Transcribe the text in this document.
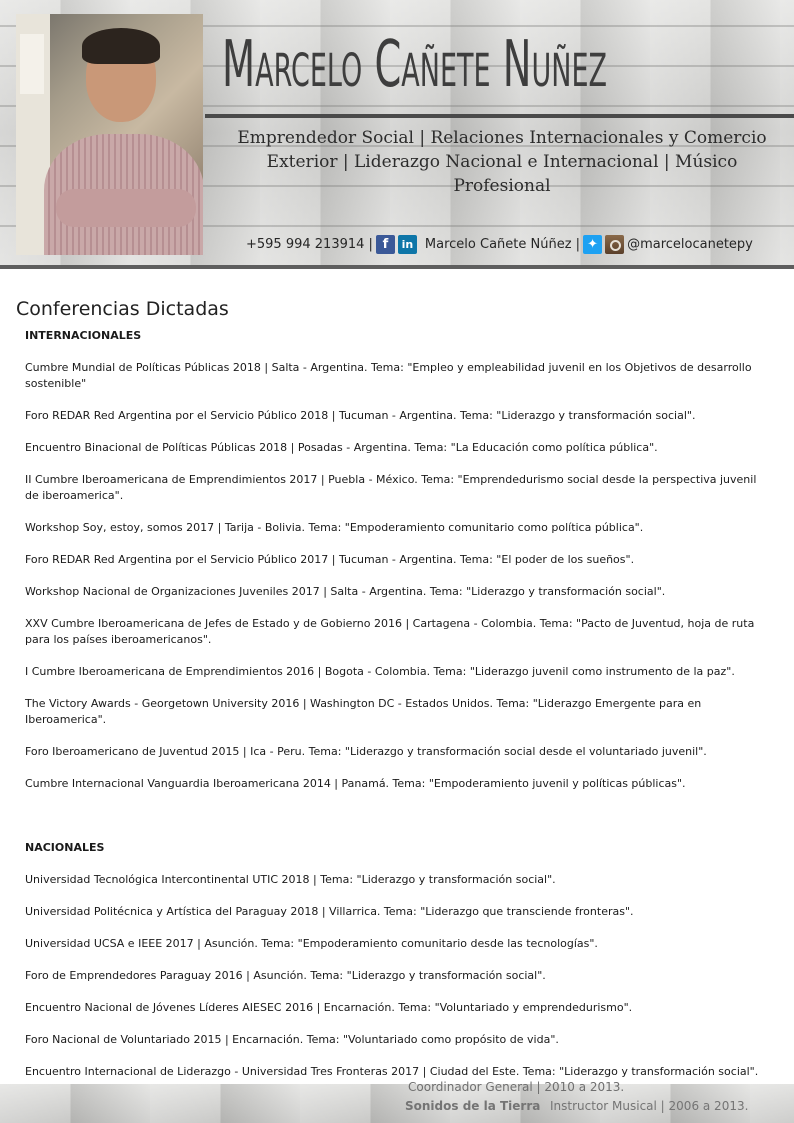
Marcelo Cañete Nuñez
Emprendedor Social | Relaciones Internacionales y Comercio Exterior | Liderazgo Nacional e Internacional | Músico Profesional
+595 994 213914 | f	in Marcelo Cañete Núñez | ✦	@marcelocanetepy
Conferencias Dictadas
INTERNACIONALES
Cumbre Mundial de Políticas Públicas 2018 | Salta - Argentina. Tema: "Empleo y empleabilidad juvenil en los Objetivos de desarrollo sostenible"
Foro REDAR Red Argentina por el Servicio Público 2018 | Tucuman - Argentina. Tema: "Liderazgo y transformación social".
Encuentro Binacional de Políticas Públicas 2018 | Posadas - Argentina. Tema: "La Educación como política pública".
II Cumbre Iberoamericana de Emprendimientos 2017 | Puebla - México. Tema: "Emprendedurismo social desde la perspectiva juvenil de iberoamerica".
Workshop Soy, estoy, somos 2017 | Tarija - Bolivia. Tema: "Empoderamiento comunitario como política pública".
Foro REDAR Red Argentina por el Servicio Público 2017 | Tucuman - Argentina. Tema: "El poder de los sueños".
Workshop Nacional de Organizaciones Juveniles 2017 | Salta - Argentina. Tema: "Liderazgo y transformación social".
XXV Cumbre Iberoamericana de Jefes de Estado y de Gobierno 2016 | Cartagena - Colombia. Tema: "Pacto de Juventud, hoja de ruta para los países iberoamericanos".
I Cumbre Iberoamericana de Emprendimientos 2016 | Bogota - Colombia. Tema: "Liderazgo juvenil como instrumento de la paz".
The Victory Awards - Georgetown University 2016 | Washington DC - Estados Unidos. Tema: "Liderazgo Emergente para en Iberoamerica".
Foro Iberoamericano de Juventud 2015 | Ica - Peru. Tema: "Liderazgo y transformación social desde el voluntariado juvenil".
Cumbre Internacional Vanguardia Iberoamericana 2014 | Panamá. Tema: "Empoderamiento juvenil y políticas públicas".
NACIONALES
Universidad Tecnológica Intercontinental UTIC 2018 | Tema: "Liderazgo y transformación social".
Universidad Politécnica y Artística del Paraguay 2018 | Villarrica. Tema: "Liderazgo que transciende fronteras".
Universidad UCSA e IEEE 2017 | Asunción. Tema: "Empoderamiento comunitario desde las tecnologías".
Foro de Emprendedores Paraguay 2016 | Asunción. Tema: "Liderazgo y transformación social".
Encuentro Nacional de Jóvenes Líderes AIESEC 2016 | Encarnación. Tema: "Voluntariado y emprendedurismo".
Foro Nacional de Voluntariado 2015 | Encarnación. Tema: "Voluntariado como propósito de vida".
Encuentro Internacional de Liderazgo - Universidad Tres Fronteras 2017 | Ciudad del Este. Tema: "Liderazgo y transformación social".
Coordinador General | 2010 a 2013.
Sonidos de la Tierra Instructor Musical | 2006 a 2013.
